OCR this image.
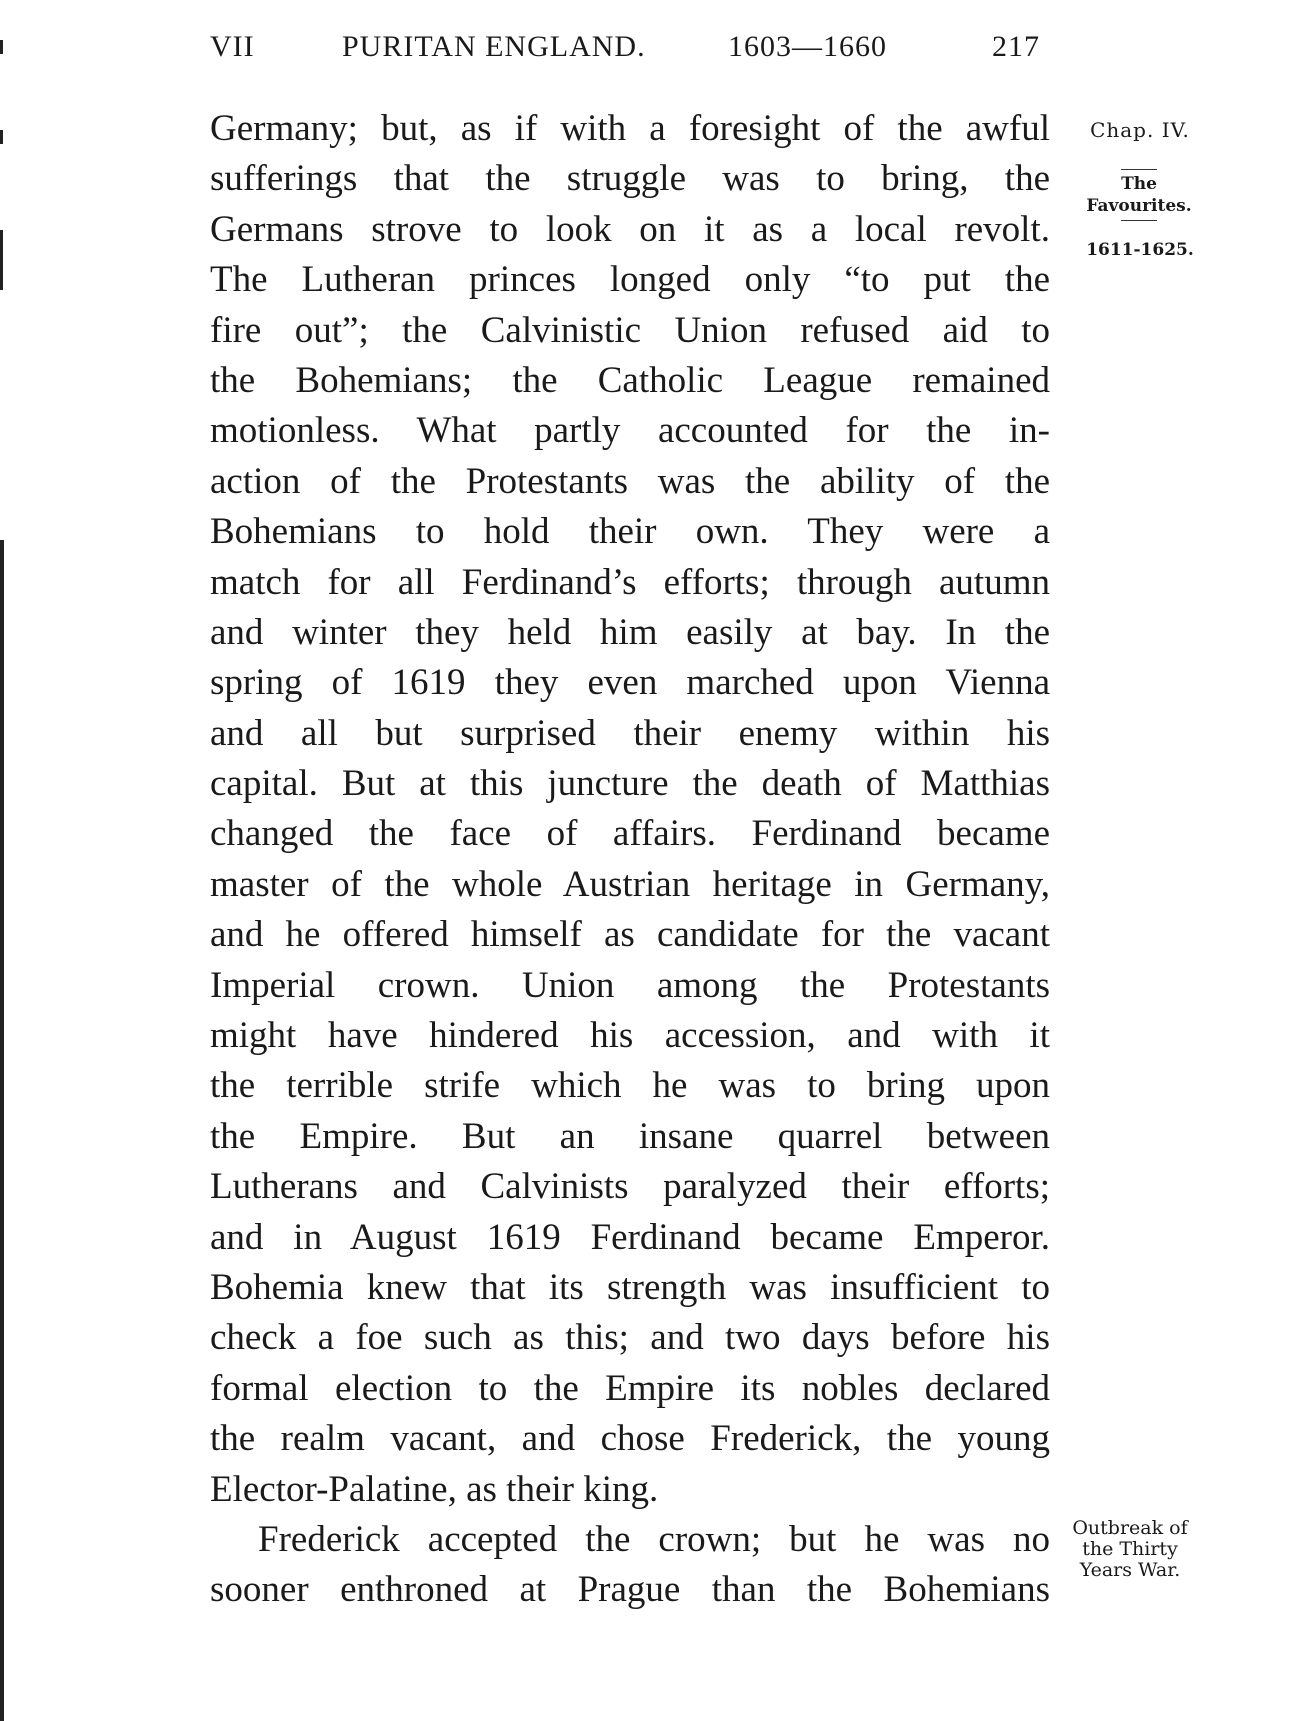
VII	PURITAN ENGLAND.	1603—1660	217
Germany; but, as if with a foresight of the awful
sufferings that the struggle was to bring, the
Germans strove to look on it as a local revolt.
The Lutheran princes longed only “to put the
fire out”; the Calvinistic Union refused aid to
the Bohemians; the Catholic League remained
motionless. What partly accounted for the in-
action of the Protestants was the ability of the
Bohemians to hold their own. They were a
match for all Ferdinand’s efforts; through autumn
and winter they held him easily at bay. In the
spring of 1619 they even marched upon Vienna
and all but surprised their enemy within his
capital. But at this juncture the death of Matthias
changed the face of affairs. Ferdinand became
master of the whole Austrian heritage in Germany,
and he offered himself as candidate for the vacant
Imperial crown. Union among the Protestants
might have hindered his accession, and with it
the terrible strife which he was to bring upon
the Empire. But an insane quarrel between
Lutherans and Calvinists paralyzed their efforts;
and in August 1619 Ferdinand became Emperor.
Bohemia knew that its strength was insufficient to
check a foe such as this; and two days before his
formal election to the Empire its nobles declared
the realm vacant, and chose Frederick, the young
Elector-Palatine, as their king.
Frederick accepted the crown; but he was no
sooner enthroned at Prague than the Bohemians
Chap. IV.
The
Favourites.
1611-1625.
Outbreak of
the Thirty
Years War.
